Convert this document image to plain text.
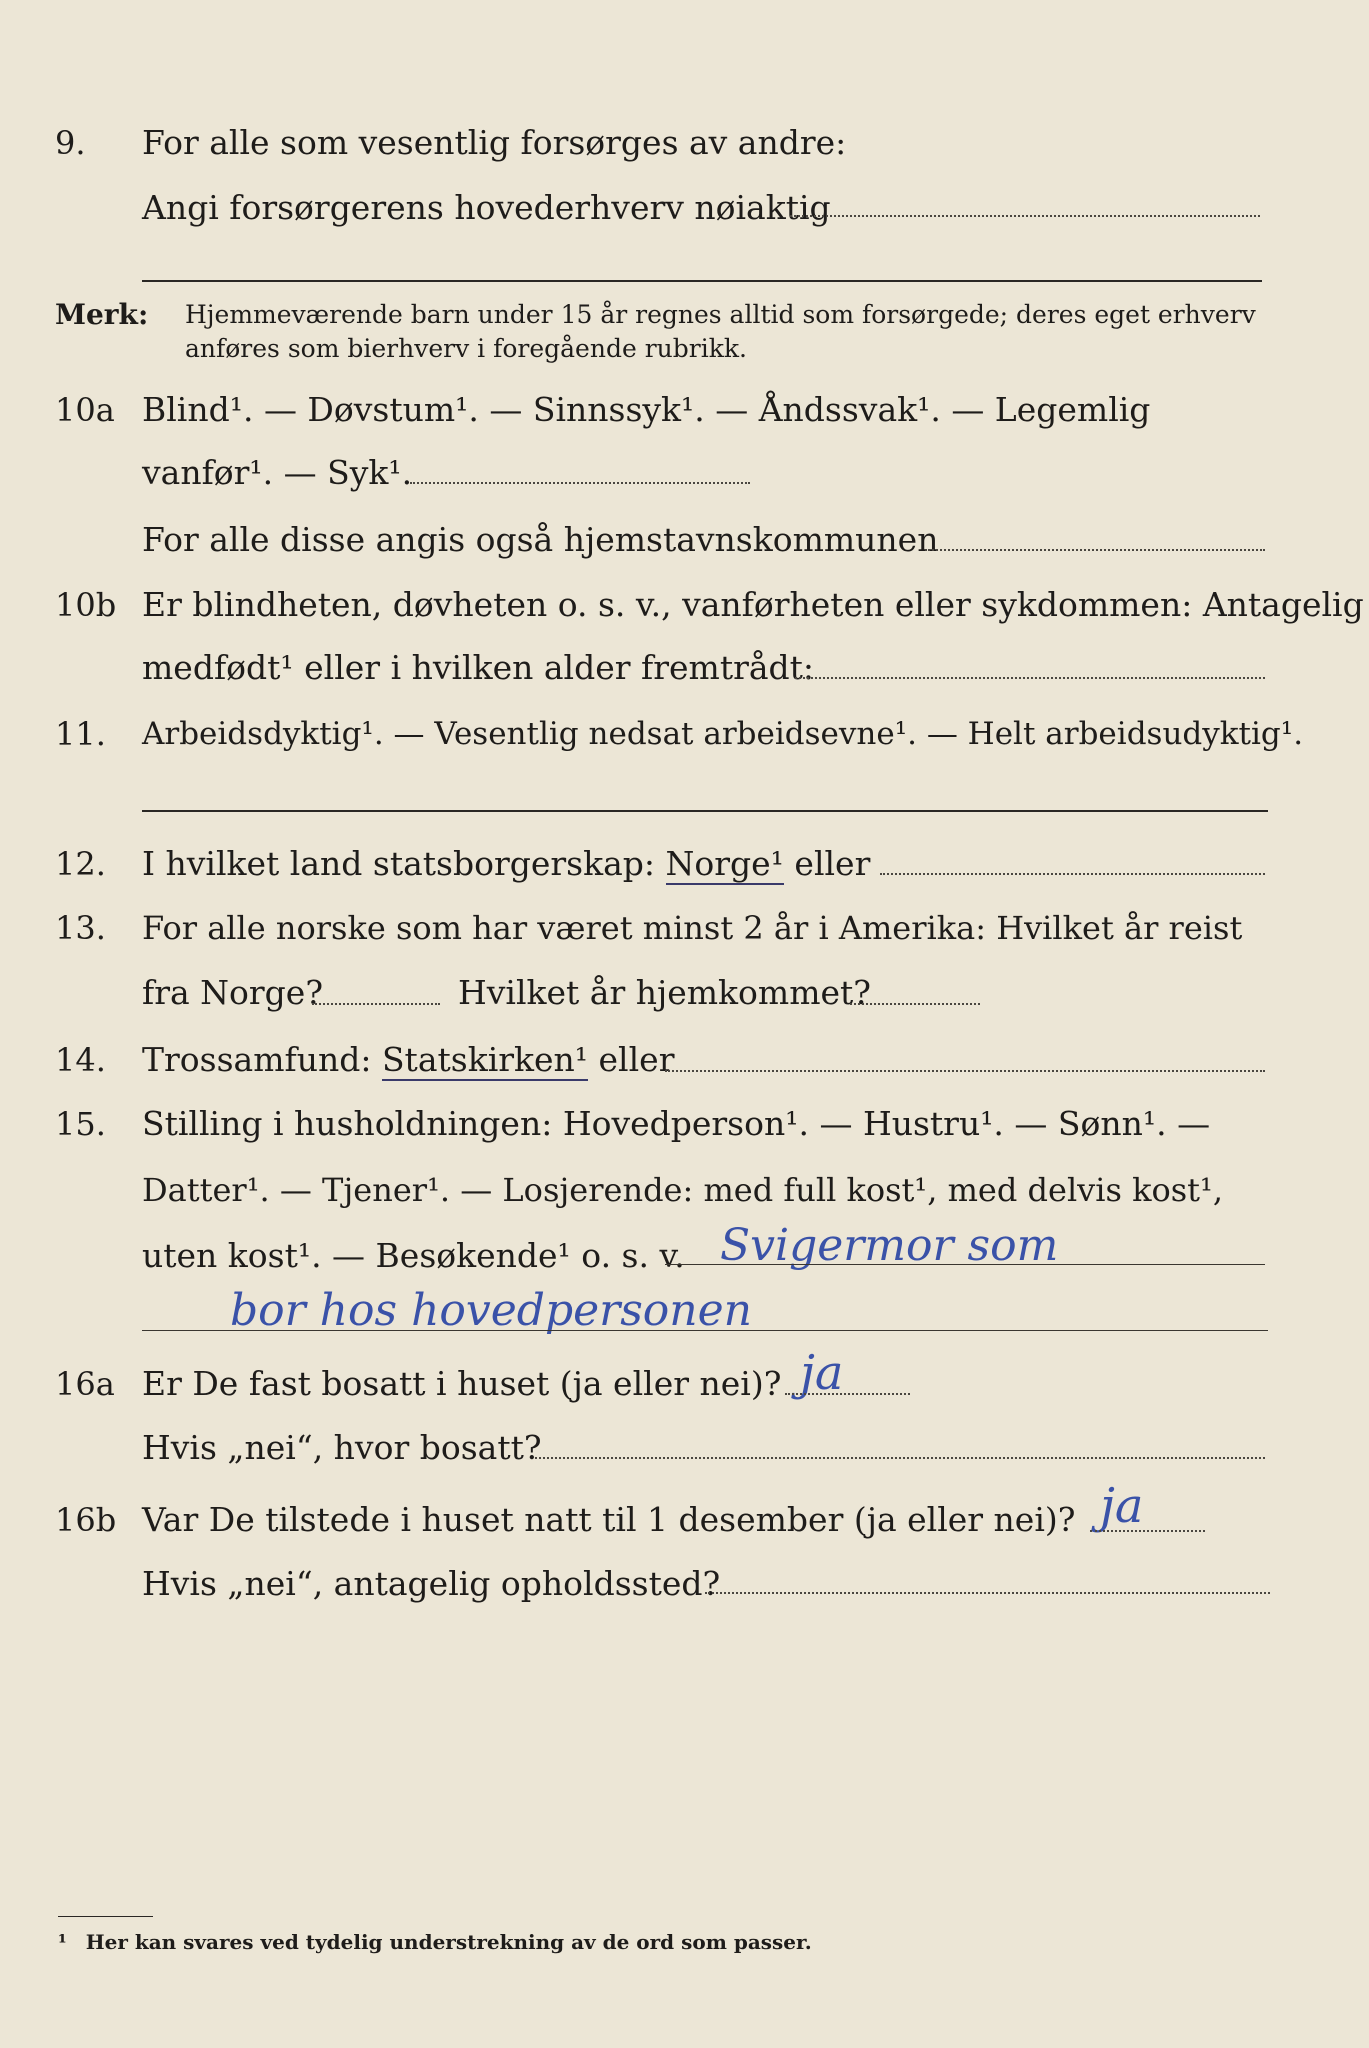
9. For alle som vesentlig forsørges av andre:
Angi forsørgerens hovederhverv nøiaktig
Merk: Hjemmeværende barn under 15 år regnes alltid som forsørgede; deres eget erhverv
anføres som bierhverv i foregående rubrikk.
10a Blind¹. — Døvstum¹. — Sinnssyk¹. — Åndssvak¹. — Legemlig
vanfør¹. — Syk¹.
For alle disse angis også hjemstavnskommunen
10b Er blindheten, døvheten o. s. v., vanførheten eller sykdommen: Antagelig
medfødt¹ eller i hvilken alder fremtrådt:
11. Arbeidsdyktig¹. — Vesentlig nedsat arbeidsevne¹. — Helt arbeidsudyktig¹.
12. I hvilket land statsborgerskap: Norge¹ eller
13. For alle norske som har været minst 2 år i Amerika: Hvilket år reist
fra Norge?	Hvilket år hjemkommet?
14. Trossamfund: Statskirken¹ eller
15. Stilling i husholdningen: Hovedperson¹. — Hustru¹. — Sønn¹. —
Datter¹. — Tjener¹. — Losjerende: med full kost¹, med delvis kost¹,
uten kost¹. — Besøkende¹ o. s. v. Svigermor som
bor hos hovedpersonen
16a Er De fast bosatt i huset (ja eller nei)? ja
Hvis „nei“, hvor bosatt?
16b Var De tilstede i huset natt til 1 desember (ja eller nei)? ja
Hvis „nei“, antagelig opholdssted?
¹ Her kan svares ved tydelig understrekning av de ord som passer.
